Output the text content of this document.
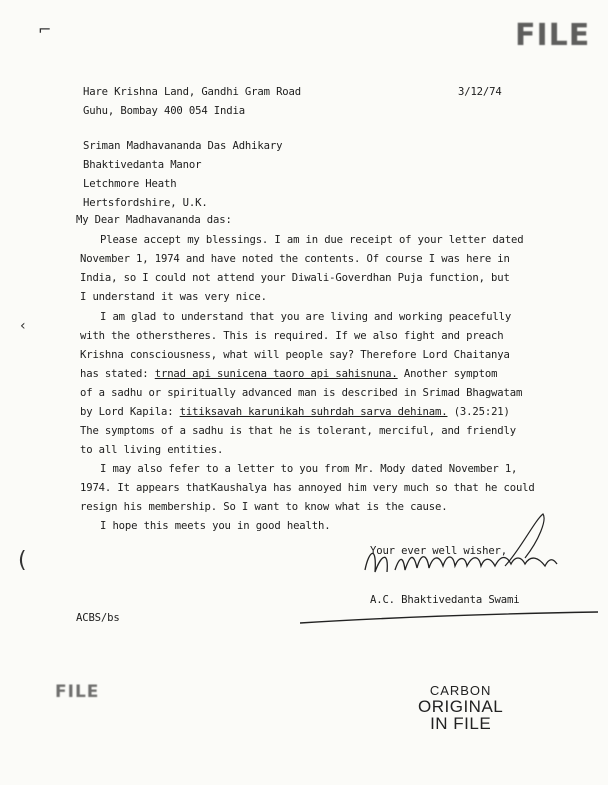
⌐
‹
(
FILE
Hare Krishna Land, Gandhi Gram Road
Guhu, Bombay 400 054 India
3/12/74
Sriman Madhavananda Das Adhikary
Bhaktivedanta Manor
Letchmore Heath
Hertsfordshire, U.K.
My Dear Madhavananda das:
Please accept my blessings. I am in due receipt of your letter dated
November 1, 1974 and have noted the contents. Of course I was here in
India, so I could not attend your Diwali-Goverdhan Puja function, but
I understand it was very nice.
I am glad to understand that you are living and working peacefully
with the otherstheres. This is required. If we also fight and preach
Krishna consciousness, what will people say? Therefore Lord Chaitanya
has stated: trnad api sunicena taoro api sahisnuna. Another symptom
of a sadhu or spiritually advanced man is described in Srimad Bhagwatam
by Lord Kapila: titiksavah karunikah suhrdah sarva dehinam. (3.25:21)
The symptoms of a sadhu is that he is tolerant, merciful, and friendly
to all living entities.
I may also fefer to a letter to you from Mr. Mody dated November 1,
1974. It appears thatKaushalya has annoyed him very much so that he could
resign his membership. So I want to know what is the cause.
I hope this meets you in good health.
Your ever well wisher,
A.C. Bhaktivedanta Swami
ACBS/bs
FILE	CARBON
ORIGINAL
IN FILE
